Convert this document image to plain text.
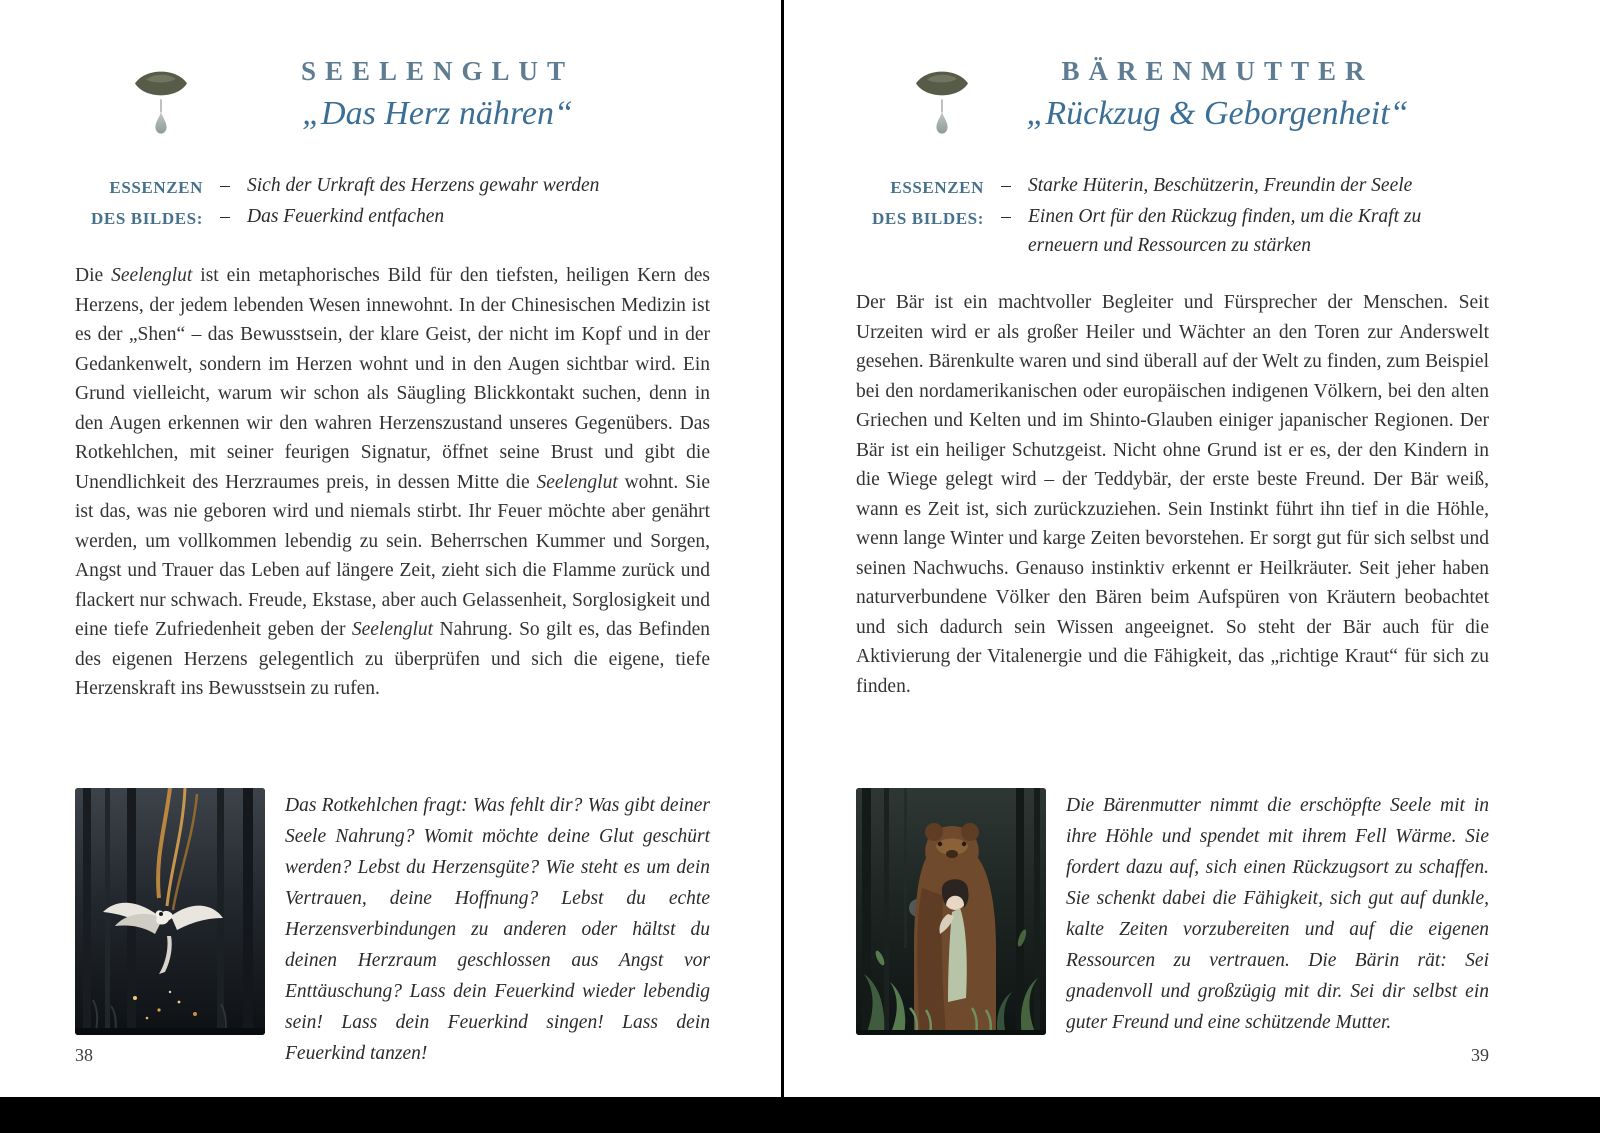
SEELENGLUT
„Das Herz nähren“
ESSENZEN – Sich der Urkraft des Herzens gewahr werden
DES BILDES: – Das Feuerkind entfachen
Die Seelenglut ist ein metaphorisches Bild für den tiefsten, heiligen Kern des Herzens, der jedem lebenden Wesen innewohnt. In der Chinesischen Medizin ist es der „Shen“ – das Bewusstsein, der klare Geist, der nicht im Kopf und in der Gedankenwelt, sondern im Herzen wohnt und in den Augen sichtbar wird. Ein Grund vielleicht, warum wir schon als Säugling Blickkontakt suchen, denn in den Augen erkennen wir den wahren Herzenszustand unseres Gegenübers. Das Rotkehlchen, mit seiner feurigen Signatur, öffnet seine Brust und gibt die Unendlichkeit des Herzraumes preis, in dessen Mitte die Seelenglut wohnt. Sie ist das, was nie geboren wird und niemals stirbt. Ihr Feuer möchte aber genährt werden, um vollkommen lebendig zu sein. Beherrschen Kummer und Sorgen, Angst und Trauer das Leben auf längere Zeit, zieht sich die Flamme zurück und flackert nur schwach. Freude, Ekstase, aber auch Gelassenheit, Sorglosigkeit und eine tiefe Zufriedenheit geben der Seelenglut Nahrung. So gilt es, das Befinden des eigenen Herzens gelegentlich zu überprüfen und sich die eigene, tiefe Herzenskraft ins Bewusstsein zu rufen.
Das Rotkehlchen fragt: Was fehlt dir? Was gibt deiner Seele Nahrung? Womit möchte deine Glut geschürt werden? Lebst du Herzensgüte? Wie steht es um dein Vertrauen, deine Hoffnung? Lebst du echte Herzensverbindungen zu anderen oder hältst du deinen Herzraum geschlossen aus Angst vor Enttäuschung? Lass dein Feuerkind wieder lebendig sein! Lass dein Feuerkind singen! Lass dein Feuerkind tanzen!
38
BÄRENMUTTER
„Rückzug & Geborgenheit“
ESSENZEN – Starke Hüterin, Beschützerin, Freundin der Seele
DES BILDES: – Einen Ort für den Rückzug finden, um die Kraft zu erneuern und Ressourcen zu stärken
Der Bär ist ein machtvoller Begleiter und Fürsprecher der Menschen. Seit Urzeiten wird er als großer Heiler und Wächter an den Toren zur Anderswelt gesehen. Bärenkulte waren und sind überall auf der Welt zu finden, zum Beispiel bei den nordamerikanischen oder europäischen indigenen Völkern, bei den alten Griechen und Kelten und im Shinto-Glauben einiger japanischer Regionen. Der Bär ist ein heiliger Schutzgeist. Nicht ohne Grund ist er es, der den Kindern in die Wiege gelegt wird – der Teddybär, der erste beste Freund. Der Bär weiß, wann es Zeit ist, sich zurückzuziehen. Sein Instinkt führt ihn tief in die Höhle, wenn lange Winter und karge Zeiten bevorstehen. Er sorgt gut für sich selbst und seinen Nachwuchs. Genauso instinktiv erkennt er Heilkräuter. Seit jeher haben naturverbundene Völker den Bären beim Aufspüren von Kräutern beobachtet und sich dadurch sein Wissen angeeignet. So steht der Bär auch für die Aktivierung der Vitalenergie und die Fähigkeit, das „richtige Kraut“ für sich zu finden.
Die Bärenmutter nimmt die erschöpfte Seele mit in ihre Höhle und spendet mit ihrem Fell Wärme. Sie fordert dazu auf, sich einen Rückzugsort zu schaffen. Sie schenkt dabei die Fähigkeit, sich gut auf dunkle, kalte Zeiten vorzubereiten und auf die eigenen Ressourcen zu vertrauen. Die Bärin rät: Sei gnadenvoll und großzügig mit dir. Sei dir selbst ein guter Freund und eine schützende Mutter.
39
